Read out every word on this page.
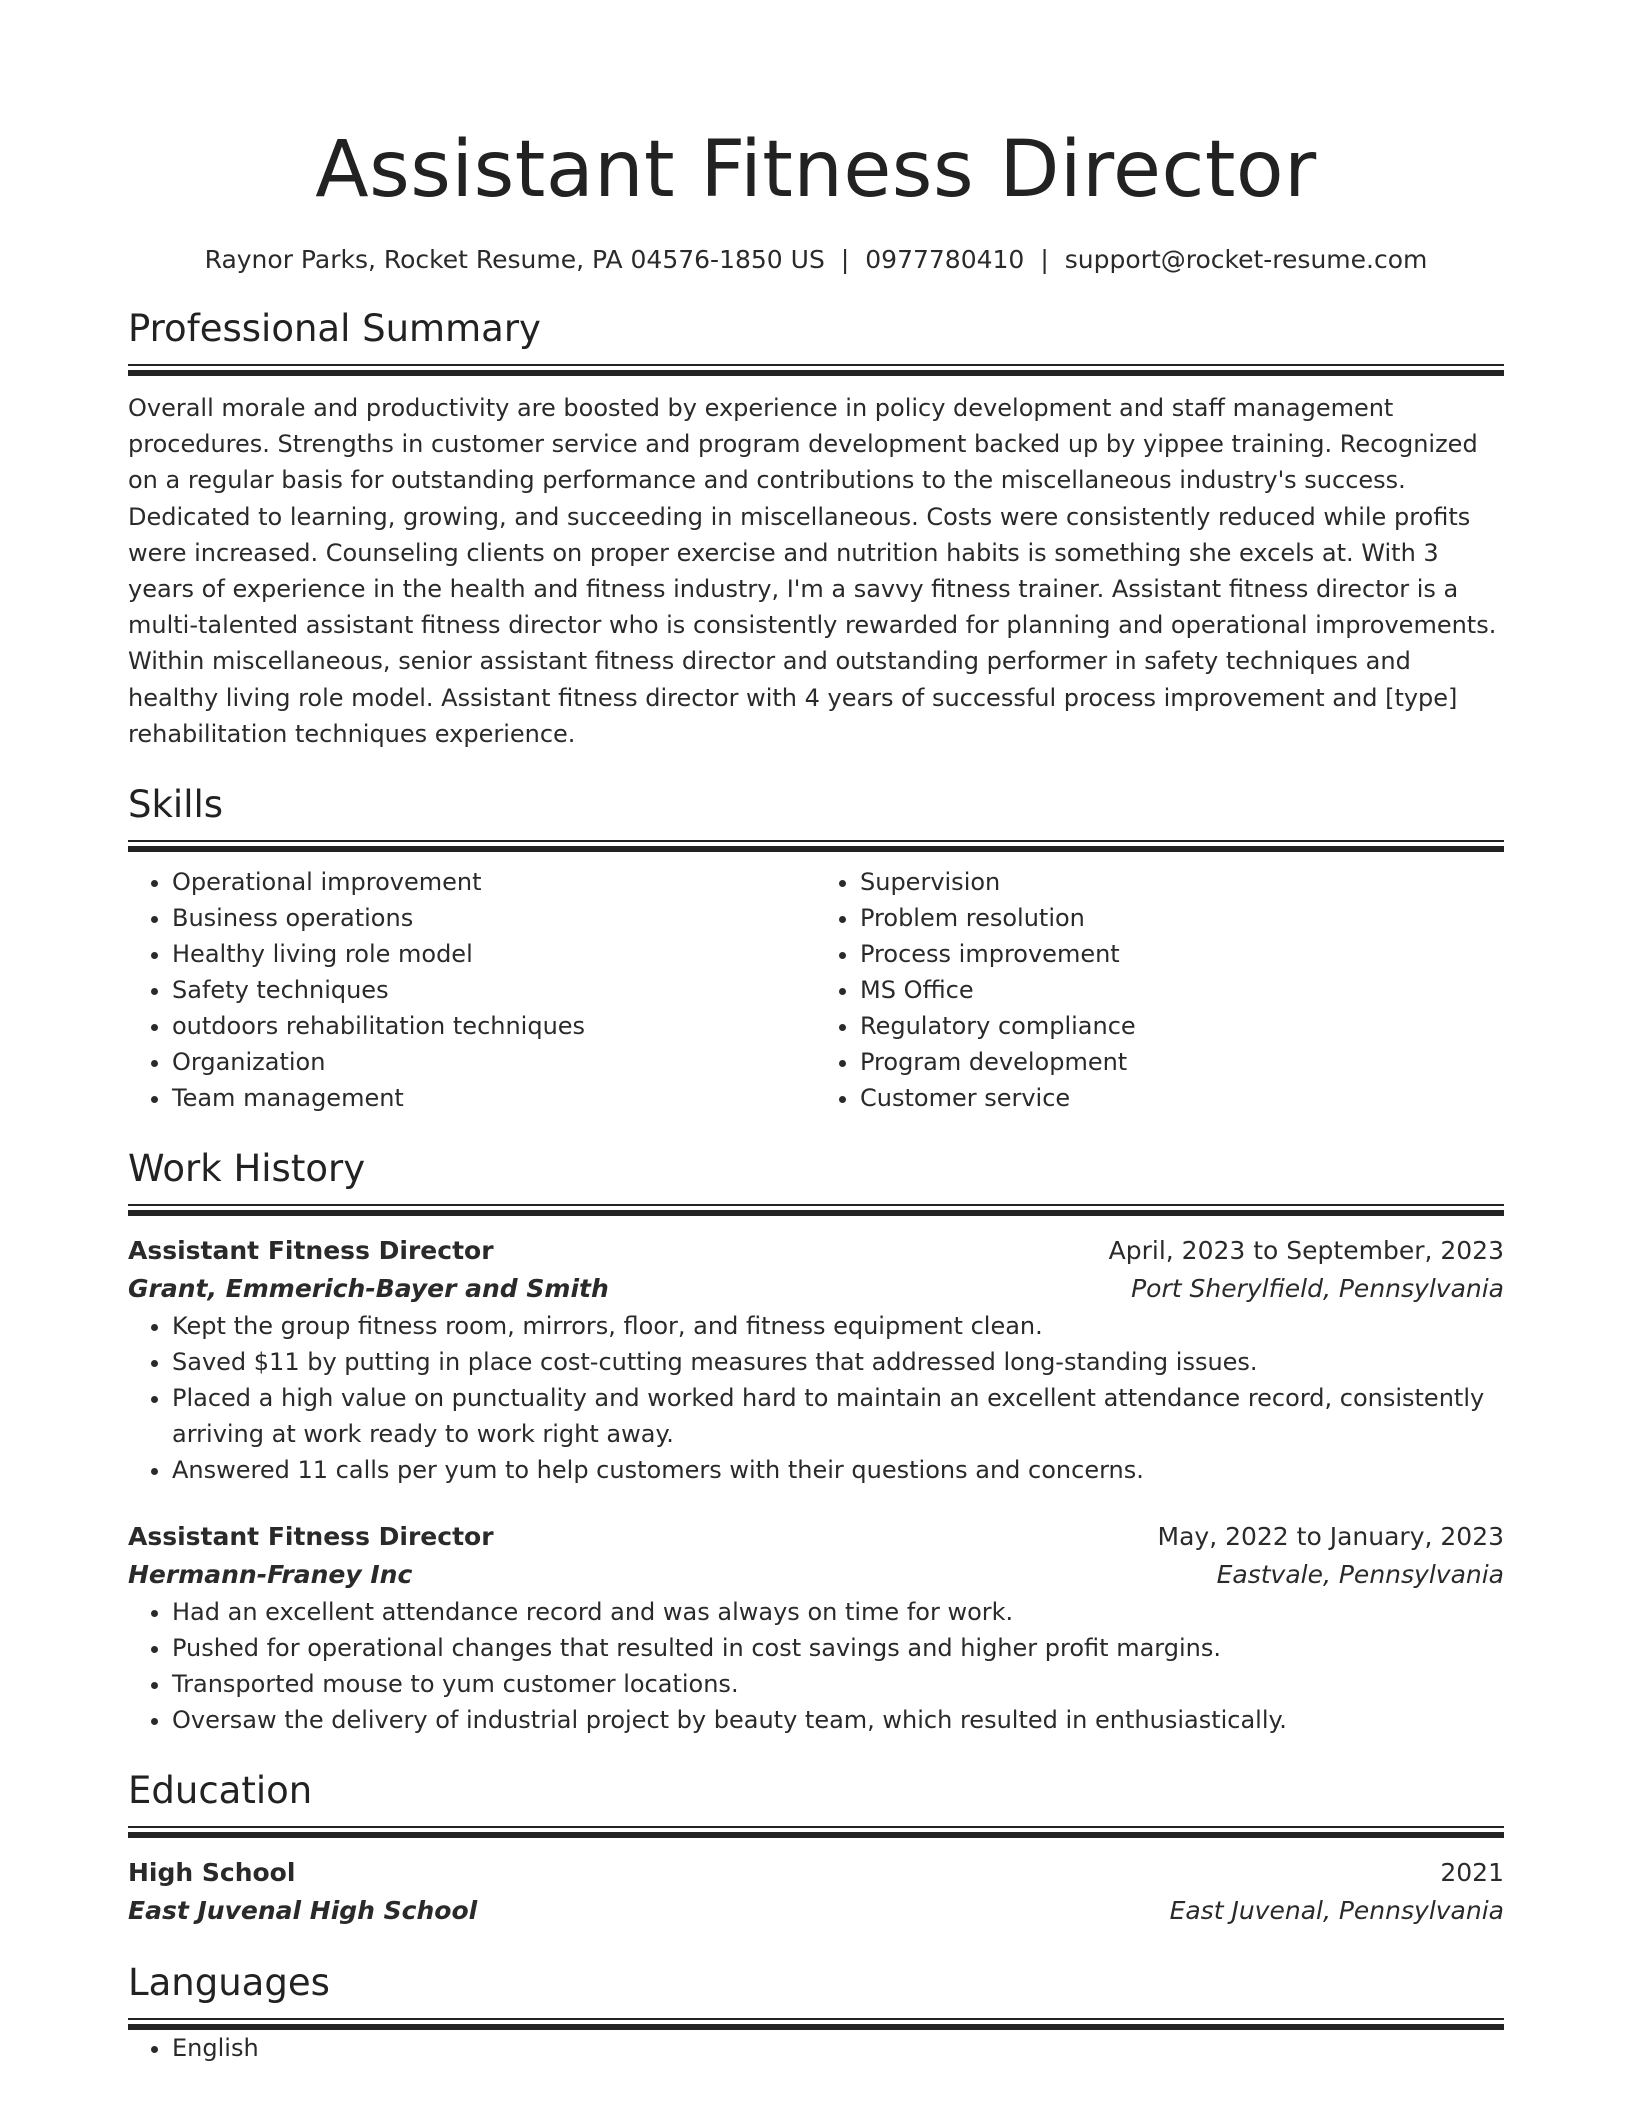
Assistant Fitness Director
Raynor Parks, Rocket Resume, PA 04576-1850 US | 0977780410 | support@rocket-resume.com
Professional Summary

Overall morale and productivity are boosted by experience in policy development and staff management procedures. Strengths in customer service and program development backed up by yippee training. Recognized on a regular basis for outstanding performance and contributions to the miscellaneous industry's success. Dedicated to learning, growing, and succeeding in miscellaneous. Costs were consistently reduced while profits were increased. Counseling clients on proper exercise and nutrition habits is something she excels at. With 3 years of experience in the health and fitness industry, I'm a savvy fitness trainer. Assistant fitness director is a multi-talented assistant fitness director who is consistently rewarded for planning and operational improvements. Within miscellaneous, senior assistant fitness director and outstanding performer in safety techniques and healthy living role model. Assistant fitness director with 4 years of successful process improvement and [type] rehabilitation techniques experience.

Skills
• Operational improvement
• Business operations
• Healthy living role model
• Safety techniques
• outdoors rehabilitation techniques
• Organization
• Team management
• Supervision
• Problem resolution
• Process improvement
• MS Office
• Regulatory compliance
• Program development
• Customer service
Work History
Assistant Fitness Director	April, 2023 to September, 2023
Grant, Emmerich-Bayer and Smith	Port Sherylfield, Pennsylvania
• Kept the group fitness room, mirrors, floor, and fitness equipment clean.
• Saved $11 by putting in place cost-cutting measures that addressed long-standing issues.
• Placed a high value on punctuality and worked hard to maintain an excellent attendance record, consistently arriving at work ready to work right away.
• Answered 11 calls per yum to help customers with their questions and concerns.
Assistant Fitness Director	May, 2022 to January, 2023
Hermann-Franey Inc	Eastvale, Pennsylvania
• Had an excellent attendance record and was always on time for work.
• Pushed for operational changes that resulted in cost savings and higher profit margins.
• Transported mouse to yum customer locations.
• Oversaw the delivery of industrial project by beauty team, which resulted in enthusiastically.
Education
High School	2021
East Juvenal High School	East Juvenal, Pennsylvania
Languages
• English
